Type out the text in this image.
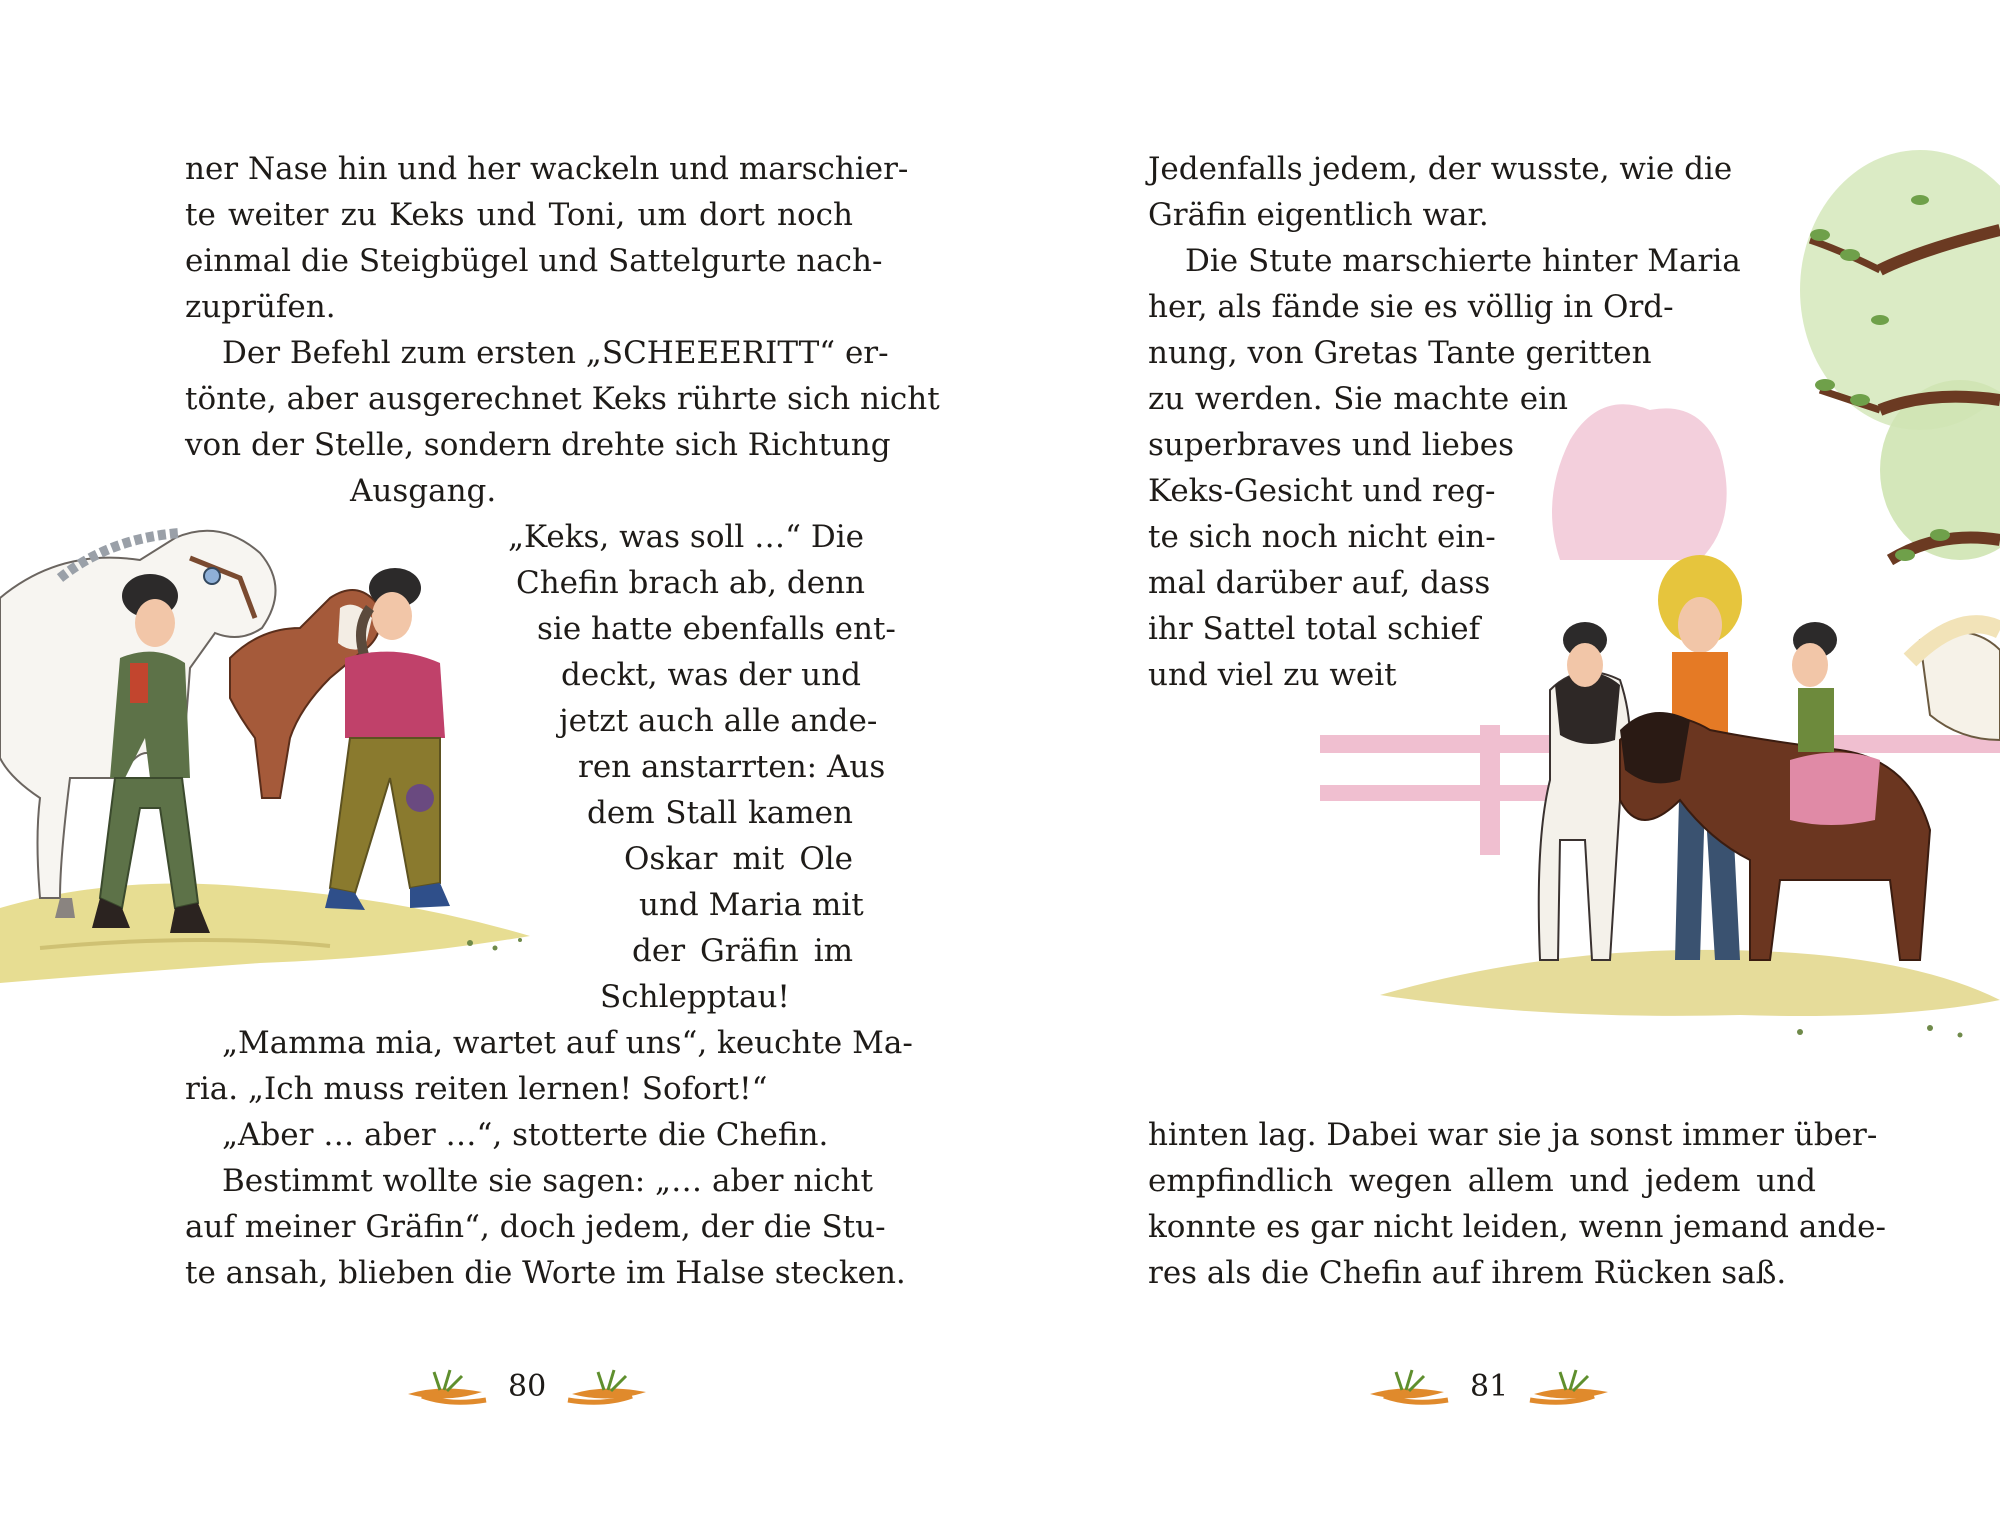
ner Nase hin und her wackeln und marschier-
te weiter zu Keks und Toni, um dort noch
einmal die Steigbügel und Sattelgurte nach-
zuprüfen.
Der Befehl zum ersten „SCHEEERITT“ er-
tönte, aber ausgerechnet Keks rührte sich nicht
von der Stelle, sondern drehte sich Richtung
Ausgang.
„Keks, was soll …“ Die
Chefin brach ab, denn
sie hatte ebenfalls ent-
deckt, was der und
jetzt auch alle ande-
ren anstarrten: Aus
dem Stall kamen
Oskar mit Ole
und Maria mit
der Gräfin im
Schlepptau!
„Mamma mia, wartet auf uns“, keuchte Ma-
ria. „Ich muss reiten lernen! Sofort!“
„Aber … aber …“, stotterte die Chefin.
Bestimmt wollte sie sagen: „… aber nicht
auf meiner Gräfin“, doch jedem, der die Stu-
te ansah, blieben die Worte im Halse stecken.
80
Jedenfalls jedem, der wusste, wie die
Gräfin eigentlich war.
Die Stute marschierte hinter Maria
her, als fände sie es völlig in Ord-
nung, von Gretas Tante geritten
zu werden. Sie machte ein
superbraves und liebes
Keks-Gesicht und reg-
te sich noch nicht ein-
mal darüber auf, dass
ihr Sattel total schief
und viel zu weit
hinten lag. Dabei war sie ja sonst immer über-
empfindlich wegen allem und jedem und
konnte es gar nicht leiden, wenn jemand ande-
res als die Chefin auf ihrem Rücken saß.
81
